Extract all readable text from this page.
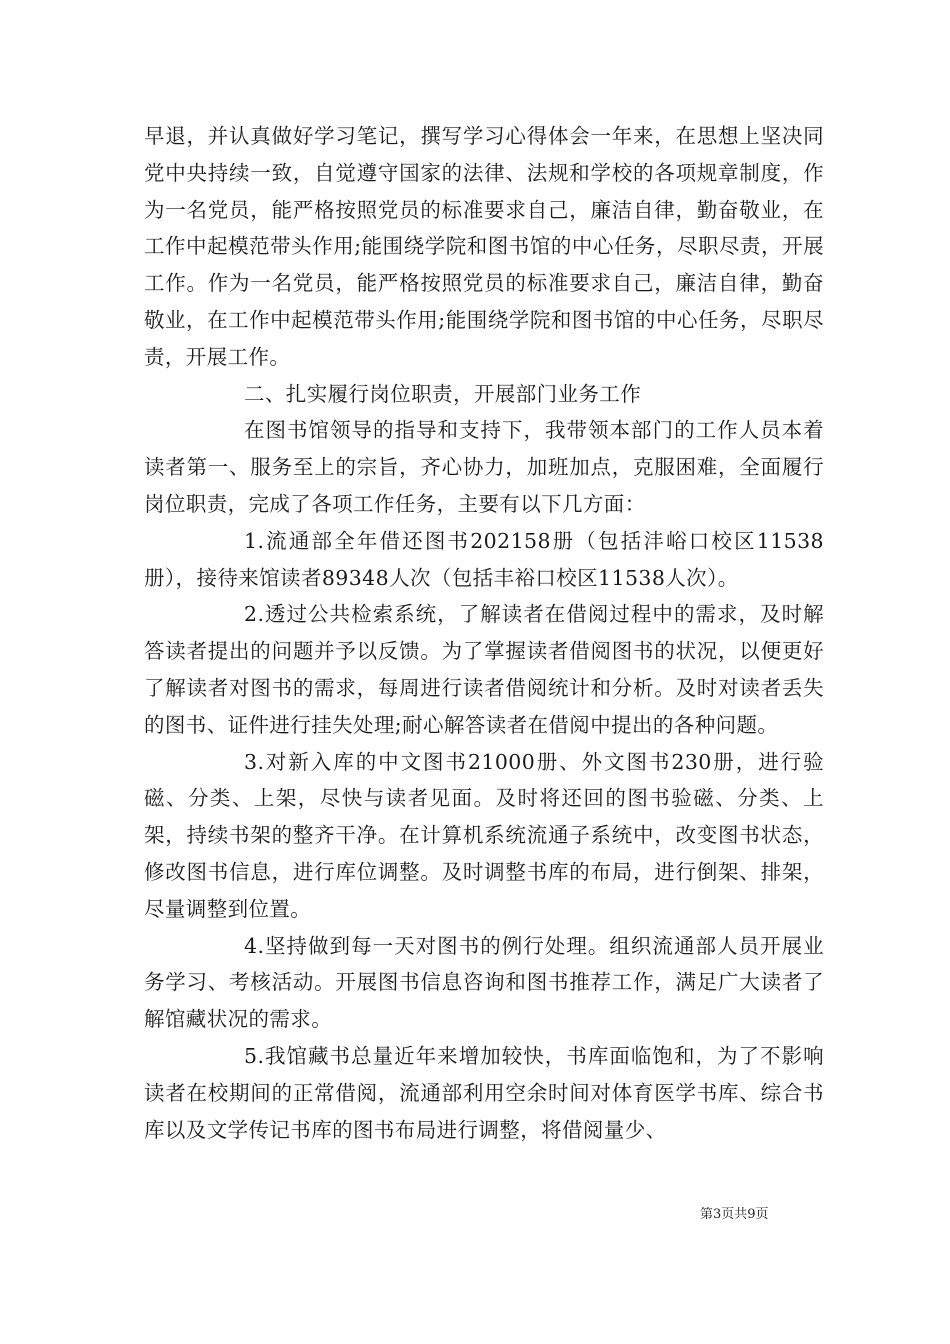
早退，并认真做好学习笔记，撰写学习心得体会一年来，在思想上坚决同党中央持续一致，自觉遵守国家的法律、法规和学校的各项规章制度，作为一名党员，能严格按照党员的标准要求自己，廉洁自律，勤奋敬业，在工作中起模范带头作用;能围绕学院和图书馆的中心任务，尽职尽责，开展工作。作为一名党员，能严格按照党员的标准要求自己，廉洁自律，勤奋敬业，在工作中起模范带头作用;能围绕学院和图书馆的中心任务，尽职尽责，开展工作。

二、扎实履行岗位职责，开展部门业务工作

在图书馆领导的指导和支持下，我带领本部门的工作人员本着读者第一、服务至上的宗旨，齐心协力，加班加点，克服困难，全面履行岗位职责，完成了各项工作任务，主要有以下几方面：

1.流通部全年借还图书202158册（包括沣峪口校区11538册），接待来馆读者89348人次（包括丰裕口校区11538人次）。

2.透过公共检索系统，了解读者在借阅过程中的需求，及时解答读者提出的问题并予以反馈。为了掌握读者借阅图书的状况，以便更好了解读者对图书的需求，每周进行读者借阅统计和分析。及时对读者丢失的图书、证件进行挂失处理;耐心解答读者在借阅中提出的各种问题。

3.对新入库的中文图书21000册、外文图书230册，进行验磁、分类、上架，尽快与读者见面。及时将还回的图书验磁、分类、上架，持续书架的整齐干净。在计算机系统流通子系统中，改变图书状态，修改图书信息，进行库位调整。及时调整书库的布局，进行倒架、排架，尽量调整到位置。

4.坚持做到每一天对图书的例行处理。组织流通部人员开展业务学习、考核活动。开展图书信息咨询和图书推荐工作，满足广大读者了解馆藏状况的需求。

5.我馆藏书总量近年来增加较快，书库面临饱和，为了不影响读者在校期间的正常借阅，流通部利用空余时间对体育医学书库、综合书库以及文学传记书库的图书布局进行调整，将借阅量少、

第3页共9页
